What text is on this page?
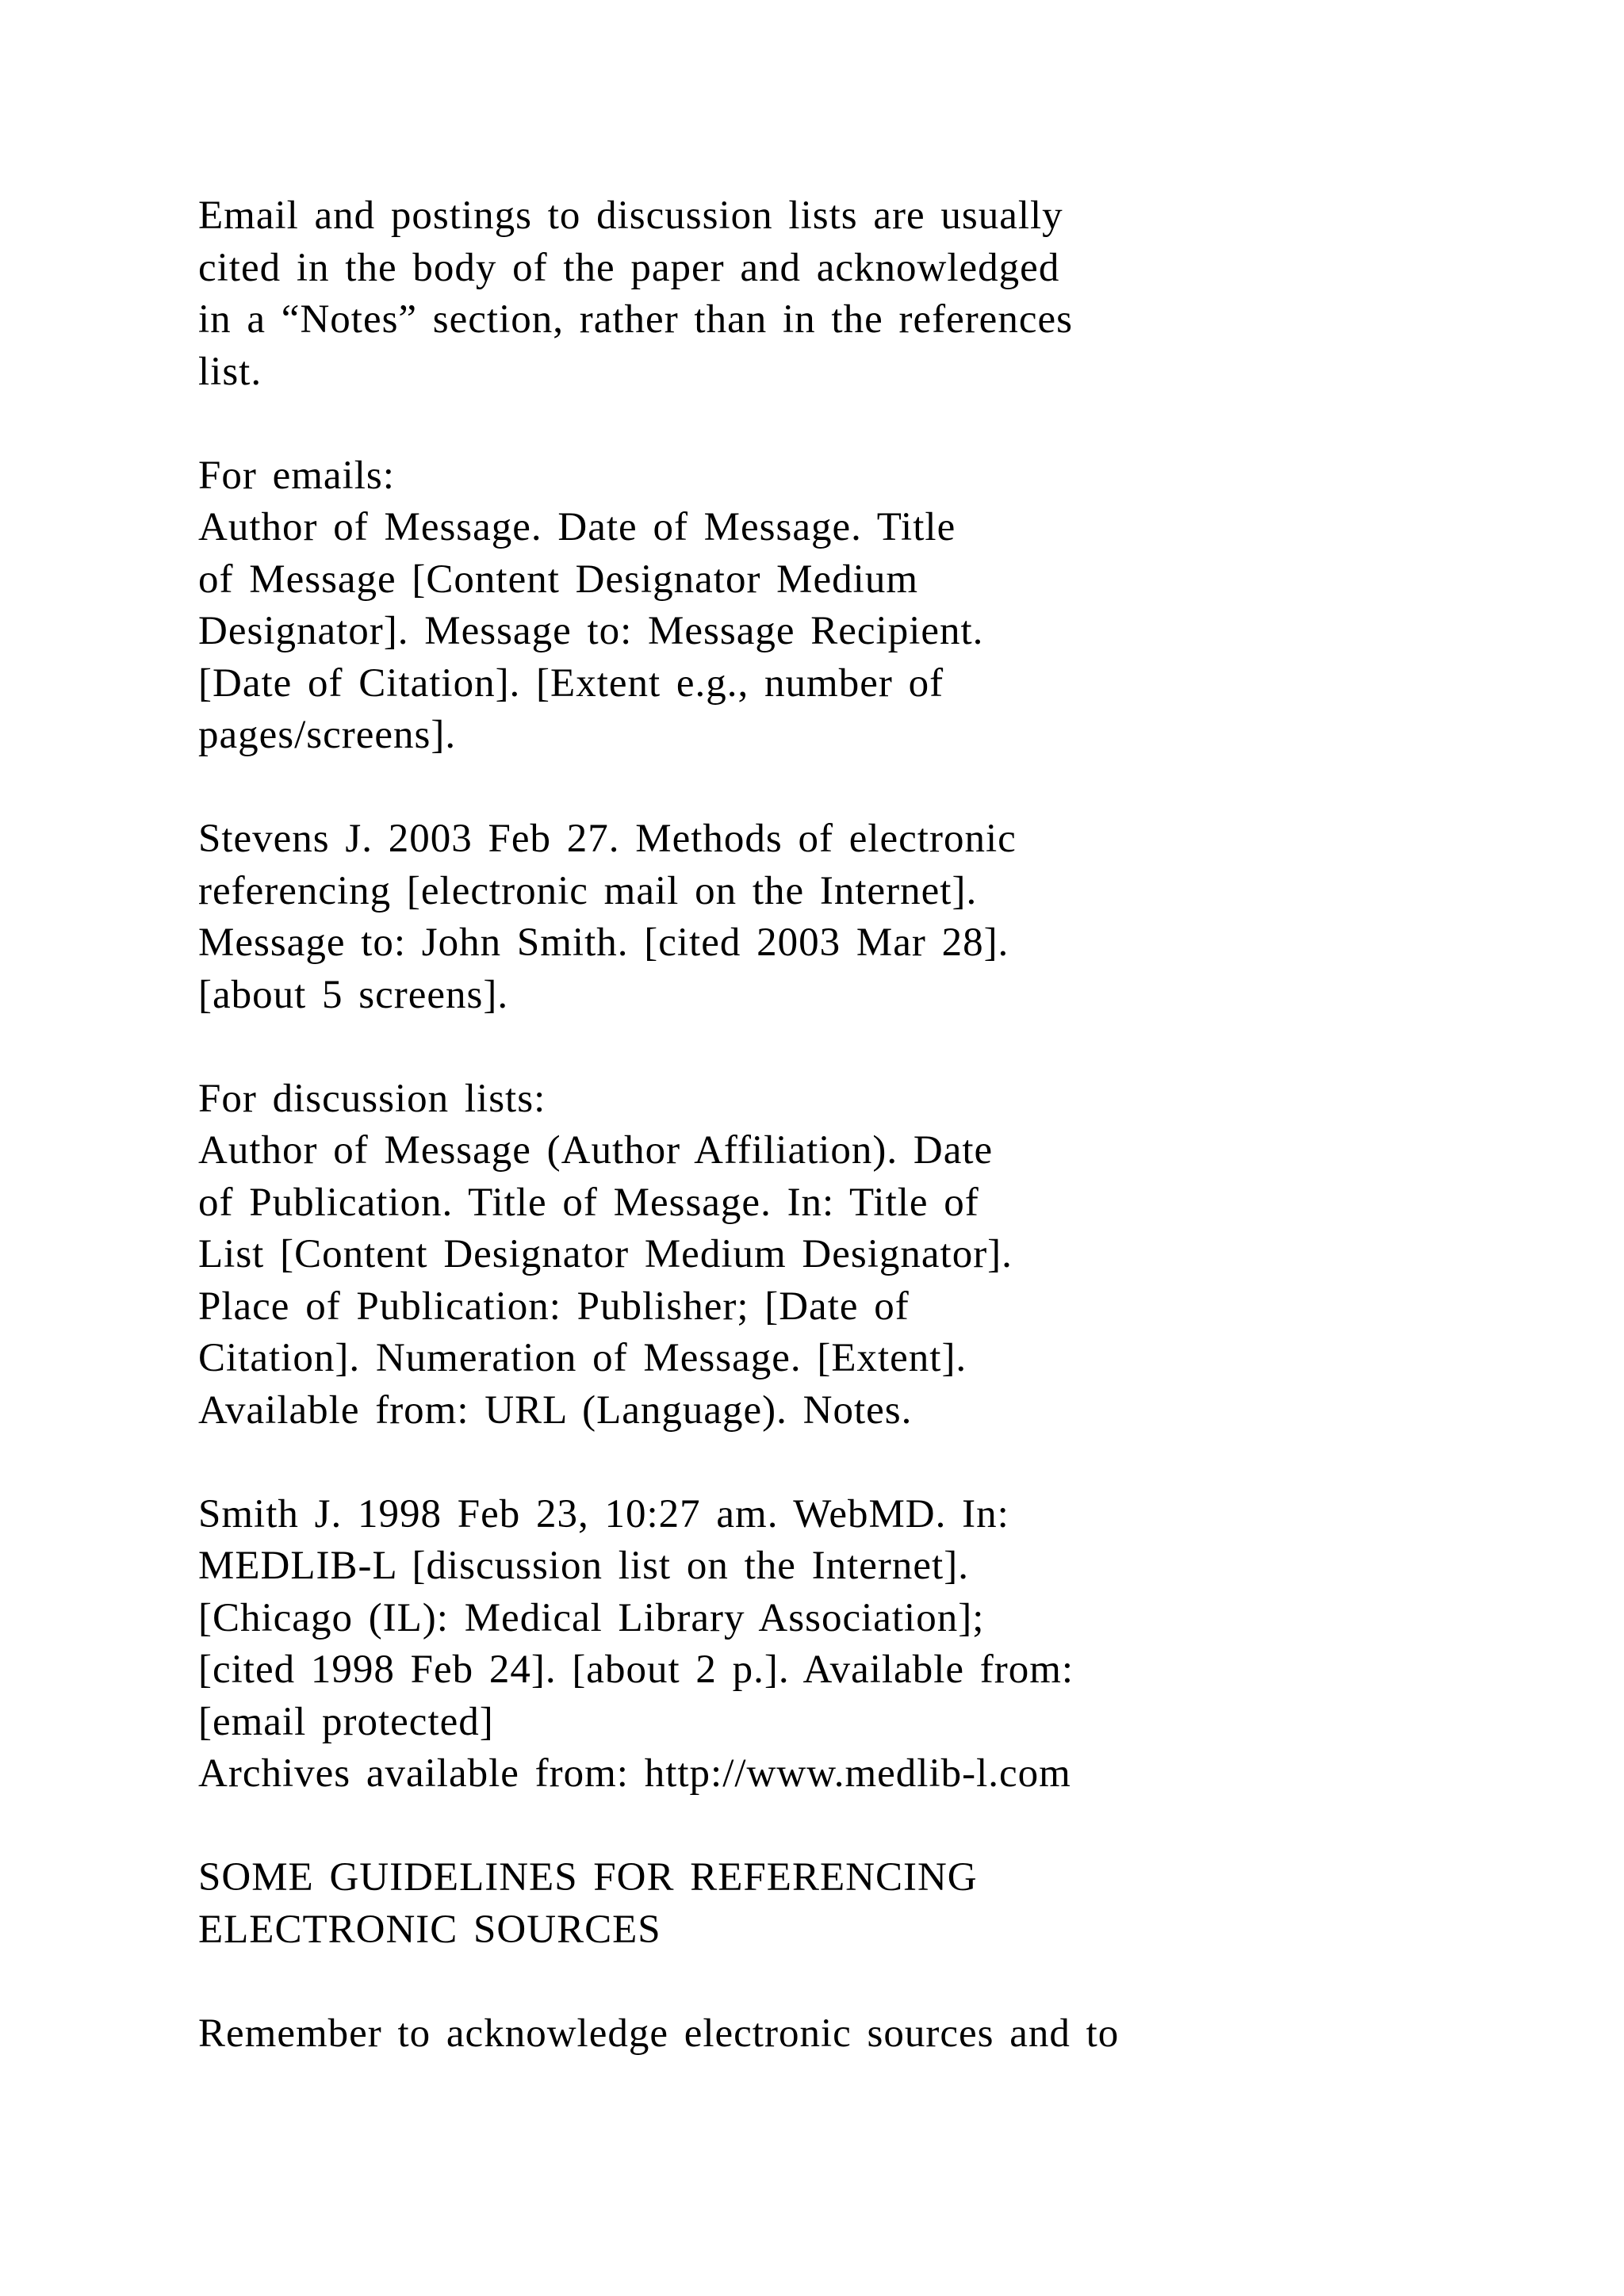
Email and postings to discussion lists are usually
cited in the body of the paper and acknowledged
in a “Notes” section, rather than in the references
list.
For emails:
Author of Message. Date of Message. Title
of Message [Content Designator Medium
Designator]. Message to: Message Recipient.
[Date of Citation]. [Extent e.g., number of
pages/screens].
Stevens J. 2003 Feb 27. Methods of electronic
referencing [electronic mail on the Internet].
Message to: John Smith. [cited 2003 Mar 28].
[about 5 screens].
For discussion lists:
Author of Message (Author Affiliation). Date
of Publication. Title of Message. In: Title of
List [Content Designator Medium Designator].
Place of Publication: Publisher; [Date of
Citation]. Numeration of Message. [Extent].
Available from: URL (Language). Notes.
Smith J. 1998 Feb 23, 10:27 am. WebMD. In:
MEDLIB-L [discussion list on the Internet].
[Chicago (IL): Medical Library Association];
[cited 1998 Feb 24]. [about 2 p.]. Available from:
[email protected]
Archives available from: http://www.medlib-l.com
SOME GUIDELINES FOR REFERENCING
ELECTRONIC SOURCES
Remember to acknowledge electronic sources and to
